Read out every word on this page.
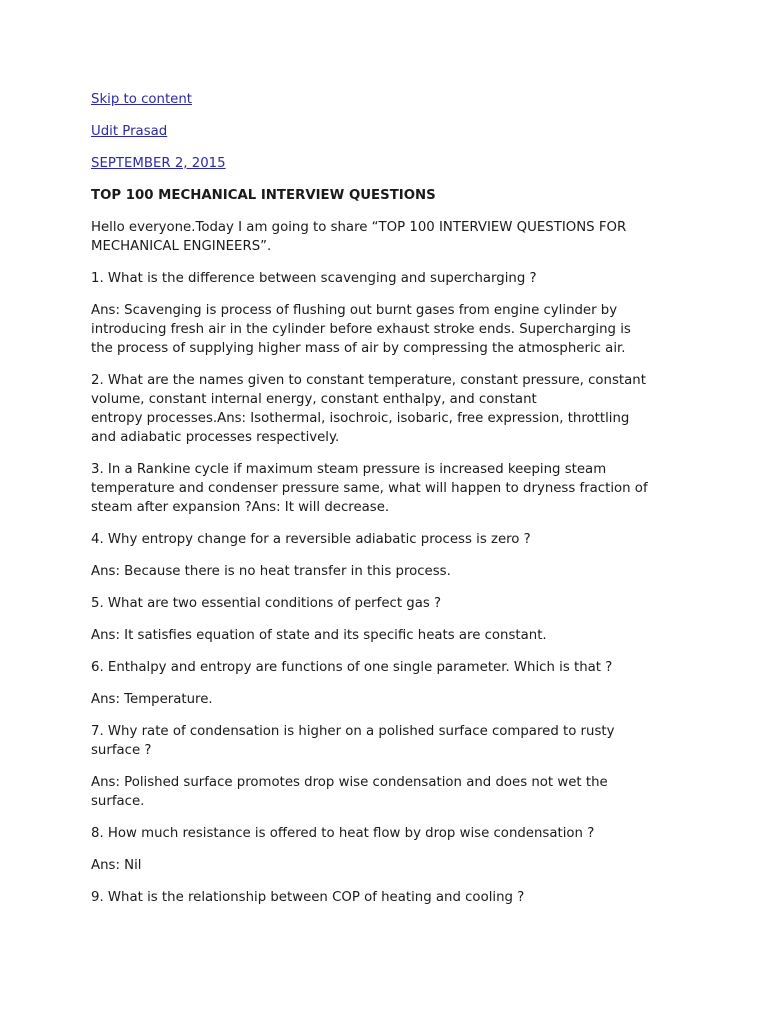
Skip to content

Udit Prasad

SEPTEMBER 2, 2015

TOP 100 MECHANICAL INTERVIEW QUESTIONS

Hello everyone.Today I am going to share “TOP 100 INTERVIEW QUESTIONS FOR
MECHANICAL ENGINEERS”.

1. What is the difference between scavenging and supercharging ?

Ans: Scavenging is process of flushing out burnt gases from engine cylinder by
introducing fresh air in the cylinder before exhaust stroke ends. Supercharging is
the process of supplying higher mass of air by compressing the atmospheric air.

2. What are the names given to constant temperature, constant pressure, constant
volume, constant internal energy, constant enthalpy, and constant
entropy processes.Ans: Isothermal, isochroic, isobaric, free expression, throttling
and adiabatic processes respectively.

3. In a Rankine cycle if maximum steam pressure is increased keeping steam
temperature and condenser pressure same, what will happen to dryness fraction of
steam after expansion ?Ans: It will decrease.

4. Why entropy change for a reversible adiabatic process is zero ?

Ans: Because there is no heat transfer in this process.

5. What are two essential conditions of perfect gas ?

Ans: It satisfies equation of state and its specific heats are constant.

6. Enthalpy and entropy are functions of one single parameter. Which is that ?

Ans: Temperature.

7. Why rate of condensation is higher on a polished surface compared to rusty
surface ?

Ans: Polished surface promotes drop wise condensation and does not wet the
surface.

8. How much resistance is offered to heat flow by drop wise condensation ?

Ans: Nil

9. What is the relationship between COP of heating and cooling ?
